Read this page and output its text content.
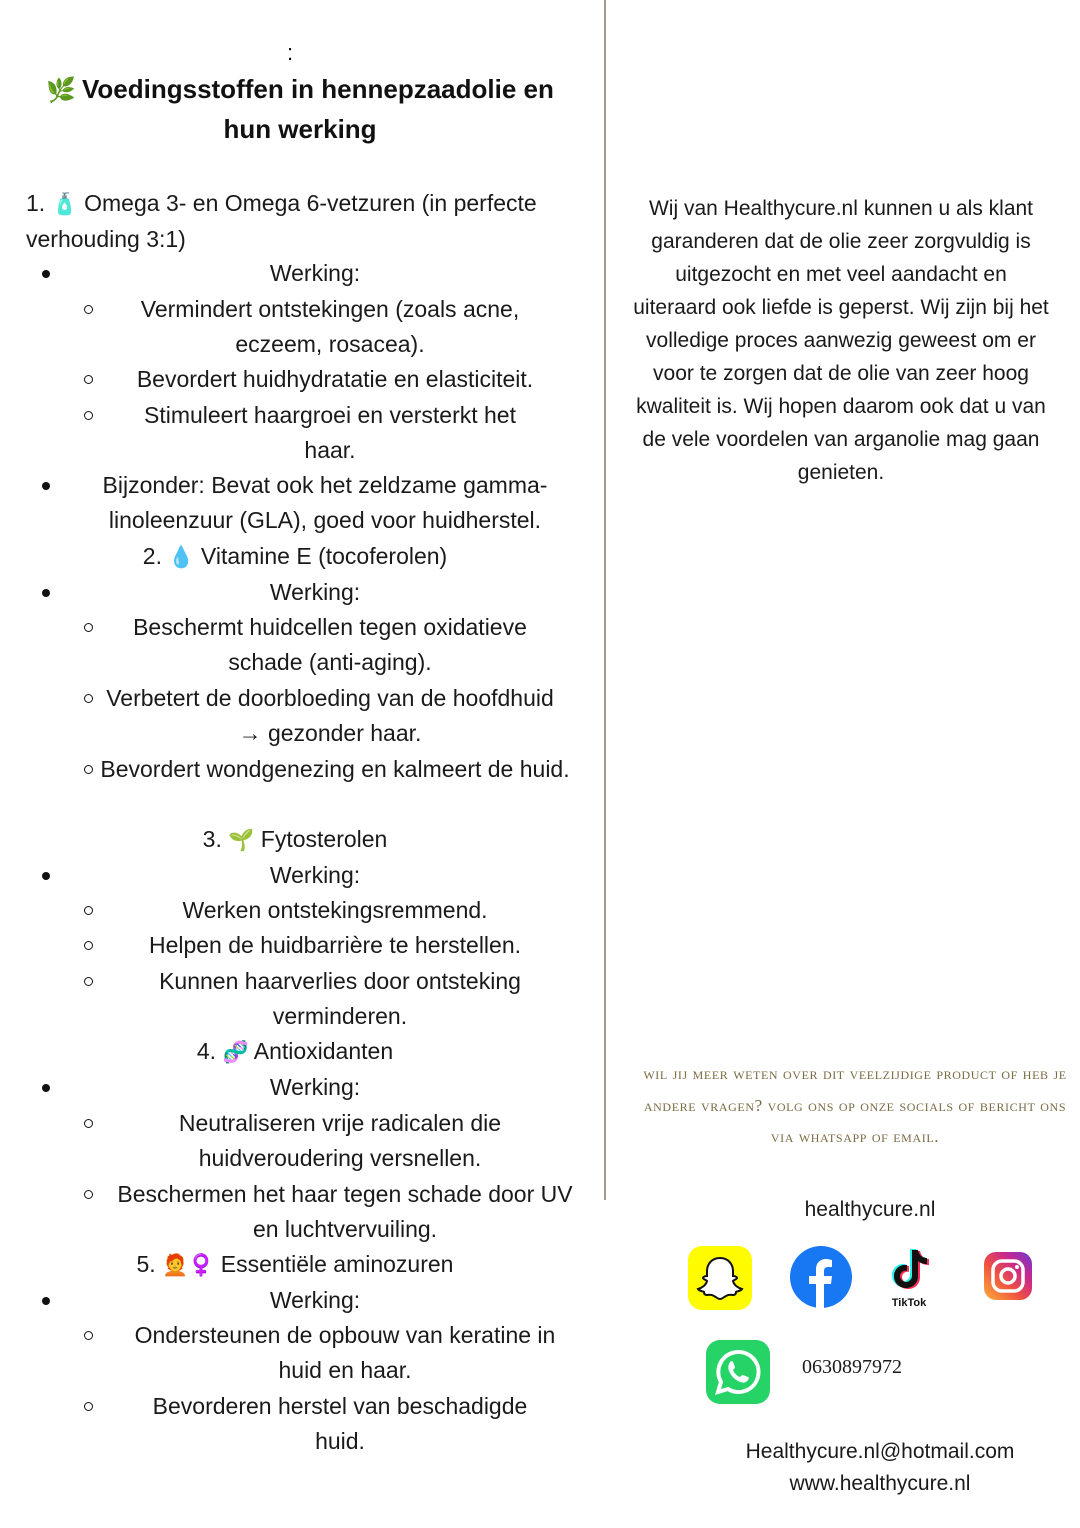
:
🌿 Voedingsstoffen in hennepzaadolie en
hun werking
1. 🧴 Omega 3- en Omega 6-vetzuren (in perfecte verhouding 3:1)
Werking:
Vermindert ontstekingen (zoals acne, eczeem, rosacea).
Bevordert huidhydratatie en elasticiteit.
Stimuleert haargroei en versterkt het haar.
Bijzonder: Bevat ook het zeldzame gamma-linoleenzuur (GLA), goed voor huidherstel.
2. 💧 Vitamine E (tocoferolen)
Werking:
Beschermt huidcellen tegen oxidatieve schade (anti-aging).
Verbetert de doorbloeding van de hoofdhuid → gezonder haar.
Bevordert wondgenezing en kalmeert de huid.
3. 🌱 Fytosterolen
Werking:
Werken ontstekingsremmend.
Helpen de huidbarrière te herstellen.
Kunnen haarverlies door ontsteking verminderen.
4. 🧬 Antioxidanten
Werking:
Neutraliseren vrije radicalen die huidveroudering versnellen.
Beschermen het haar tegen schade door UV en luchtvervuiling.
5. 🧑‍🦰♀️ Essentiële aminozuren
Werking:
Ondersteunen de opbouw van keratine in huid en haar.
Bevorderen herstel van beschadigde huid.
Wij van Healthycure.nl kunnen u als klant garanderen dat de olie zeer zorgvuldig is uitgezocht en met veel aandacht en uiteraard ook liefde is geperst. Wij zijn bij het volledige proces aanwezig geweest om er voor te zorgen dat de olie van zeer hoog kwaliteit is. Wij hopen daarom ook dat u van de vele voordelen van arganolie mag gaan genieten.
wil jij meer weten over dit veelzijdige product of heb je andere vragen? volg ons op onze socials of bericht ons via whatsapp of email.
healthycure.nl
TikTok
0630897972
Healthycure.nl@hotmail.com
www.healthycure.nl
